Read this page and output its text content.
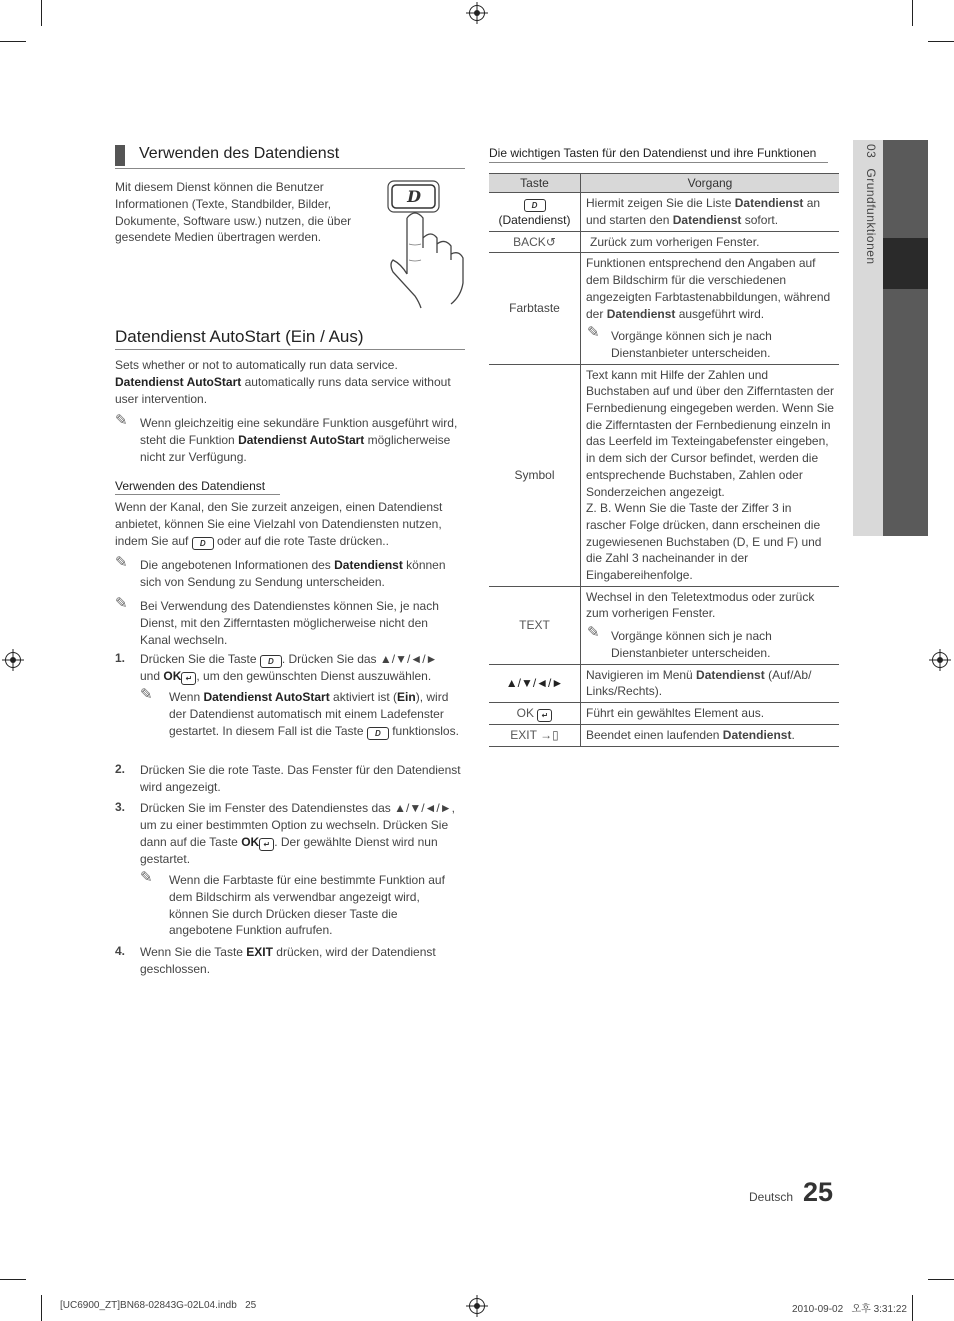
03Grundfunktionen
Verwenden des Datendienst

Mit diesem Dienst können die Benutzer Informationen (Texte, Standbilder, Bilder, Dokumente, Software usw.) nutzen, die über gesendete Medien übertragen werden.

D
Datendienst AutoStart (Ein / Aus)

Sets whether or not to automatically run data service.
Datendienst AutoStart automatically runs data service without user intervention.

✎ Wenn gleichzeitig eine sekundäre Funktion ausgeführt wird, steht die Funktion Datendienst AutoStart möglicherweise nicht zur Verfügung.

Verwenden des Datendienst

Wenn der Kanal, den Sie zurzeit anzeigen, einen Datendienst anbietet, können Sie eine Vielzahl von Datendiensten nutzen, indem Sie auf D oder auf die rote Taste drücken..

✎ Die angebotenen Informationen des Datendienst können sich von Sendung zu Sendung unterscheiden.

✎ Bei Verwendung des Datendienstes können Sie, je nach Dienst, mit den Zifferntasten möglicherweise nicht den Kanal wechseln.

1. Drücken Sie die Taste D . Drücken Sie das ▲/▼/◄/► und OK ↵ , um den gewünschten Dienst auszuwählen.

✎ Wenn Datendienst AutoStart aktiviert ist (Ein), wird der Datendienst automatisch mit einem Ladefenster gestartet. In diesem Fall ist die Taste D funktionslos.

2. Drücken Sie die rote Taste. Das Fenster für den Datendienst wird angezeigt.

3. Drücken Sie im Fenster des Datendienstes das ▲/▼/◄/►, um zu einer bestimmten Option zu wechseln. Drücken Sie dann auf die Taste OK ↵ . Der gewählte Dienst wird nun gestartet.

✎ Wenn die Farbtaste für eine bestimmte Funktion auf dem Bildschirm als verwendbar angezeigt wird, können Sie durch Drücken dieser Taste die angebotene Funktion aufrufen.

4. Wenn Sie die Taste EXIT drücken, wird der Datendienst geschlossen.

Die wichtigen Tasten für den Datendienst und ihre Funktionen
Taste	Vorgang
D
(Datendienst)	Hiermit zeigen Sie die Liste Datendienst an und starten den Datendienst sofort.
BACK↺	Zurück zum vorherigen Fenster.
Farbtaste	Funktionen entsprechend den Angaben auf dem Bildschirm für die verschiedenen angezeigten Farbtastenabbildungen, während der Datendienst ausgeführt wird.
✎ Vorgänge können sich je nach Dienstanbieter unterscheiden.

Symbol	Text kann mit Hilfe der Zahlen und Buchstaben auf und über den Zifferntasten der Fernbedienung eingegeben werden. Wenn Sie die Zifferntasten der Fernbedienung einzeln in das Leerfeld im Texteingabefenster eingeben, in dem sich der Cursor befindet, werden die entsprechende Buchstaben, Zahlen oder Sonderzeichen angezeigt.
Z. B. Wenn Sie die Taste der Ziffer 3 in rascher Folge drücken, dann erscheinen die zugewiesenen Buchstaben (D, E und F) und die Zahl 3 nacheinander in der Eingabereihenfolge.
TEXT	Wechsel in den Teletextmodus oder zurück zum vorherigen Fenster.
✎ Vorgänge können sich je nach Dienstanbieter unterscheiden.

▲/▼/◄/►	Navigieren im Menü Datendienst (Auf/Ab/ Links/Rechts).
OK ↵	Führt ein gewähltes Element aus.
EXIT →▯	Beendet einen laufenden Datendienst.
Deutsch 25
[UC6900_ZT]BN68-02843G-02L04.indb   25	2010-09-02   오후 3:31:22
